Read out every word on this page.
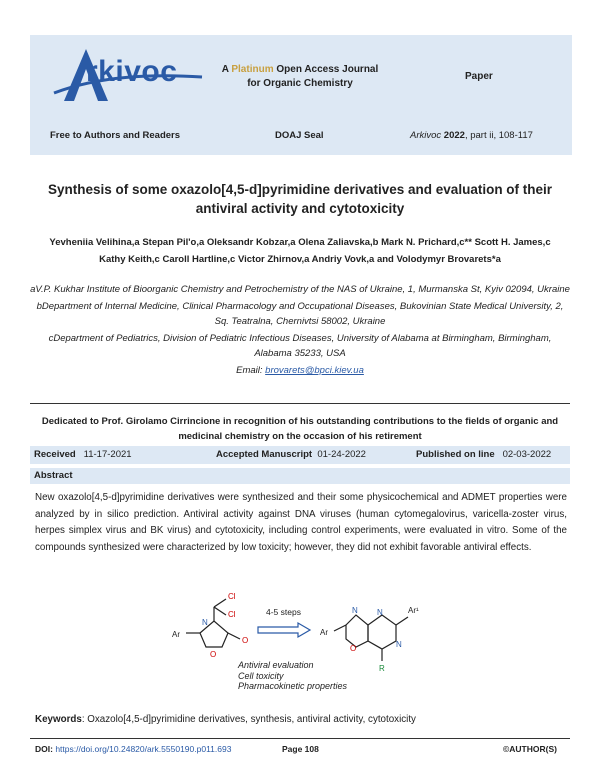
rkivoc	A Platinum Open Access Journal
for Organic Chemistry
Paper
Free to Authors and Readers	DOAJ Seal	Arkivoc 2022, part ii, 108-117
Synthesis of some oxazolo[4,5-d]pyrimidine derivatives and evaluation of their
antiviral activity and cytotoxicity
Yevheniia Velihina,a Stepan Pil'o,a Oleksandr Kobzar,a Olena Zaliavska,b Mark N. Prichard,c** Scott H. James,c
Kathy Keith,c Caroll Hartline,c Victor Zhirnov,a Andriy Vovk,a and Volodymyr Brovarets*a

aV.P. Kukhar Institute of Bioorganic Chemistry and Petrochemistry of the NAS of Ukraine, 1, Murmanska St, Kyiv 02094, Ukraine

bDepartment of Internal Medicine, Clinical Pharmacology and Occupational Diseases, Bukovinian State Medical University, 2, Sq. Teatralna, Chernivtsi 58002, Ukraine

cDepartment of Pediatrics, Division of Pediatric Infectious Diseases, University of Alabama at Birmingham, Birmingham, Alabama 35233, USA

Email: brovarets@bpci.kiev.ua

Dedicated to Prof. Girolamo Cirrincione in recognition of his outstanding contributions to the fields of organic and medicinal chemistry on the occasion of his retirement
Received 11-17-2021	Accepted Manuscript 01-24-2022	Published on line 02-03-2022
Abstract
New oxazolo[4,5-d]pyrimidine derivatives were synthesized and their some physicochemical and ADMET properties were analyzed by in silico prediction. Antiviral activity against DNA viruses (human cytomegalovirus, varicella-zoster virus, herpes simplex virus and BK virus) and cytotoxicity, including control experiments, were evaluated in vitro. Some of the compounds synthesized were characterized by low toxicity; however, they did not exhibit favorable antiviral effects.
Ar
Cl
Cl
N
O
O
4-5 steps
Ar
Ar¹
R
N
N
N
O
Antiviral evaluation
Cell toxicity
Pharmacokinetic properties
Keywords: Oxazolo[4,5-d]pyrimidine derivatives, synthesis, antiviral activity, cytotoxicity
DOI: https://doi.org/10.24820/ark.5550190.p011.693	Page 108	©AUTHOR(S)
